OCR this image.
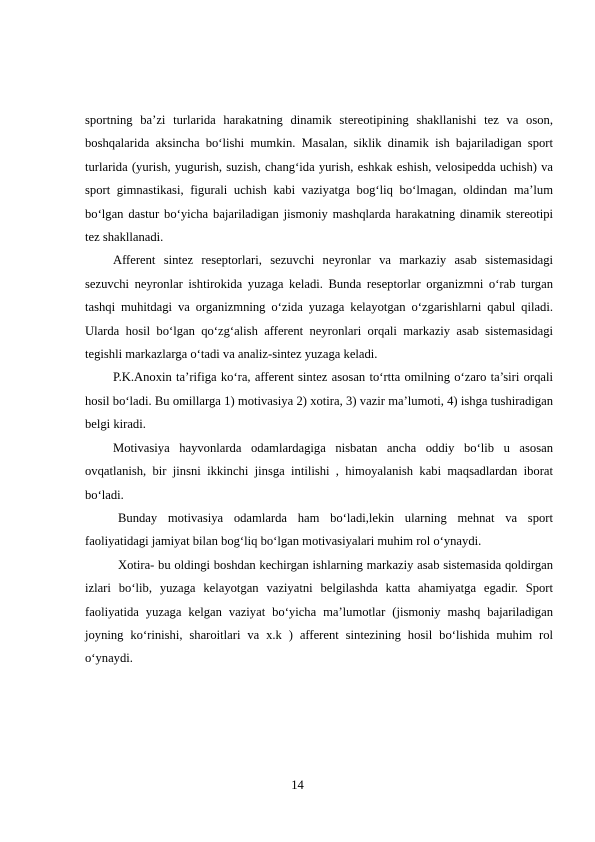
sportning ba’zi turlarida harakatning dinamik stereotipining shakllanishi tez va oson, boshqalarida aksincha bo‘lishi mumkin. Masalan, siklik dinamik ish bajariladigan sport turlarida (yurish, yugurish, suzish, chang‘ida yurish, eshkak eshish, velosipedda uchish) va sport gimnastikasi, figurali uchish kabi vaziyatga bog‘liq bo‘lmagan, oldindan ma’lum bo‘lgan dastur bo‘yicha bajariladigan jismoniy mashqlarda harakatning dinamik stereotipi tez shakllanadi.

Afferent sintez reseptorlari, sezuvchi neyronlar va markaziy asab sistemasidagi sezuvchi neyronlar ishtirokida yuzaga keladi. Bunda reseptorlar organizmni o‘rab turgan tashqi muhitdagi va organizmning o‘zida yuzaga kelayotgan o‘zgarishlarni qabul qiladi. Ularda hosil bo‘lgan qo‘zg‘alish afferent neyronlari orqali markaziy asab sistemasidagi tegishli markazlarga o‘tadi va analiz-sintez yuzaga keladi.

P.K.Anoxin ta’rifiga ko‘ra, afferent sintez asosan to‘rtta omilning o‘zaro ta’siri orqali hosil bo‘ladi. Bu omillarga 1) motivasiya 2) xotira, 3) vazir ma’lumoti, 4) ishga tushiradigan belgi kiradi.

Motivasiya hayvonlarda odamlardagiga nisbatan ancha oddiy bo‘lib u asosan ovqatlanish, bir jinsni ikkinchi jinsga intilishi , himoyalanish kabi maqsadlardan iborat bo‘ladi.

Bunday motivasiya odamlarda ham bo‘ladi,lekin ularning mehnat va sport faoliyatidagi jamiyat bilan bog‘liq bo‘lgan motivasiyalari muhim rol o‘ynaydi.

Xotira- bu oldingi boshdan kechirgan ishlarning markaziy asab sistemasida qoldirgan izlari bo‘lib, yuzaga kelayotgan vaziyatni belgilashda katta ahamiyatga egadir. Sport faoliyatida yuzaga kelgan vaziyat bo‘yicha ma’lumotlar (jismoniy mashq bajariladigan joyning ko‘rinishi, sharoitlari va x.k ) afferent sintezining hosil bo‘lishida muhim rol o‘ynaydi.

14
